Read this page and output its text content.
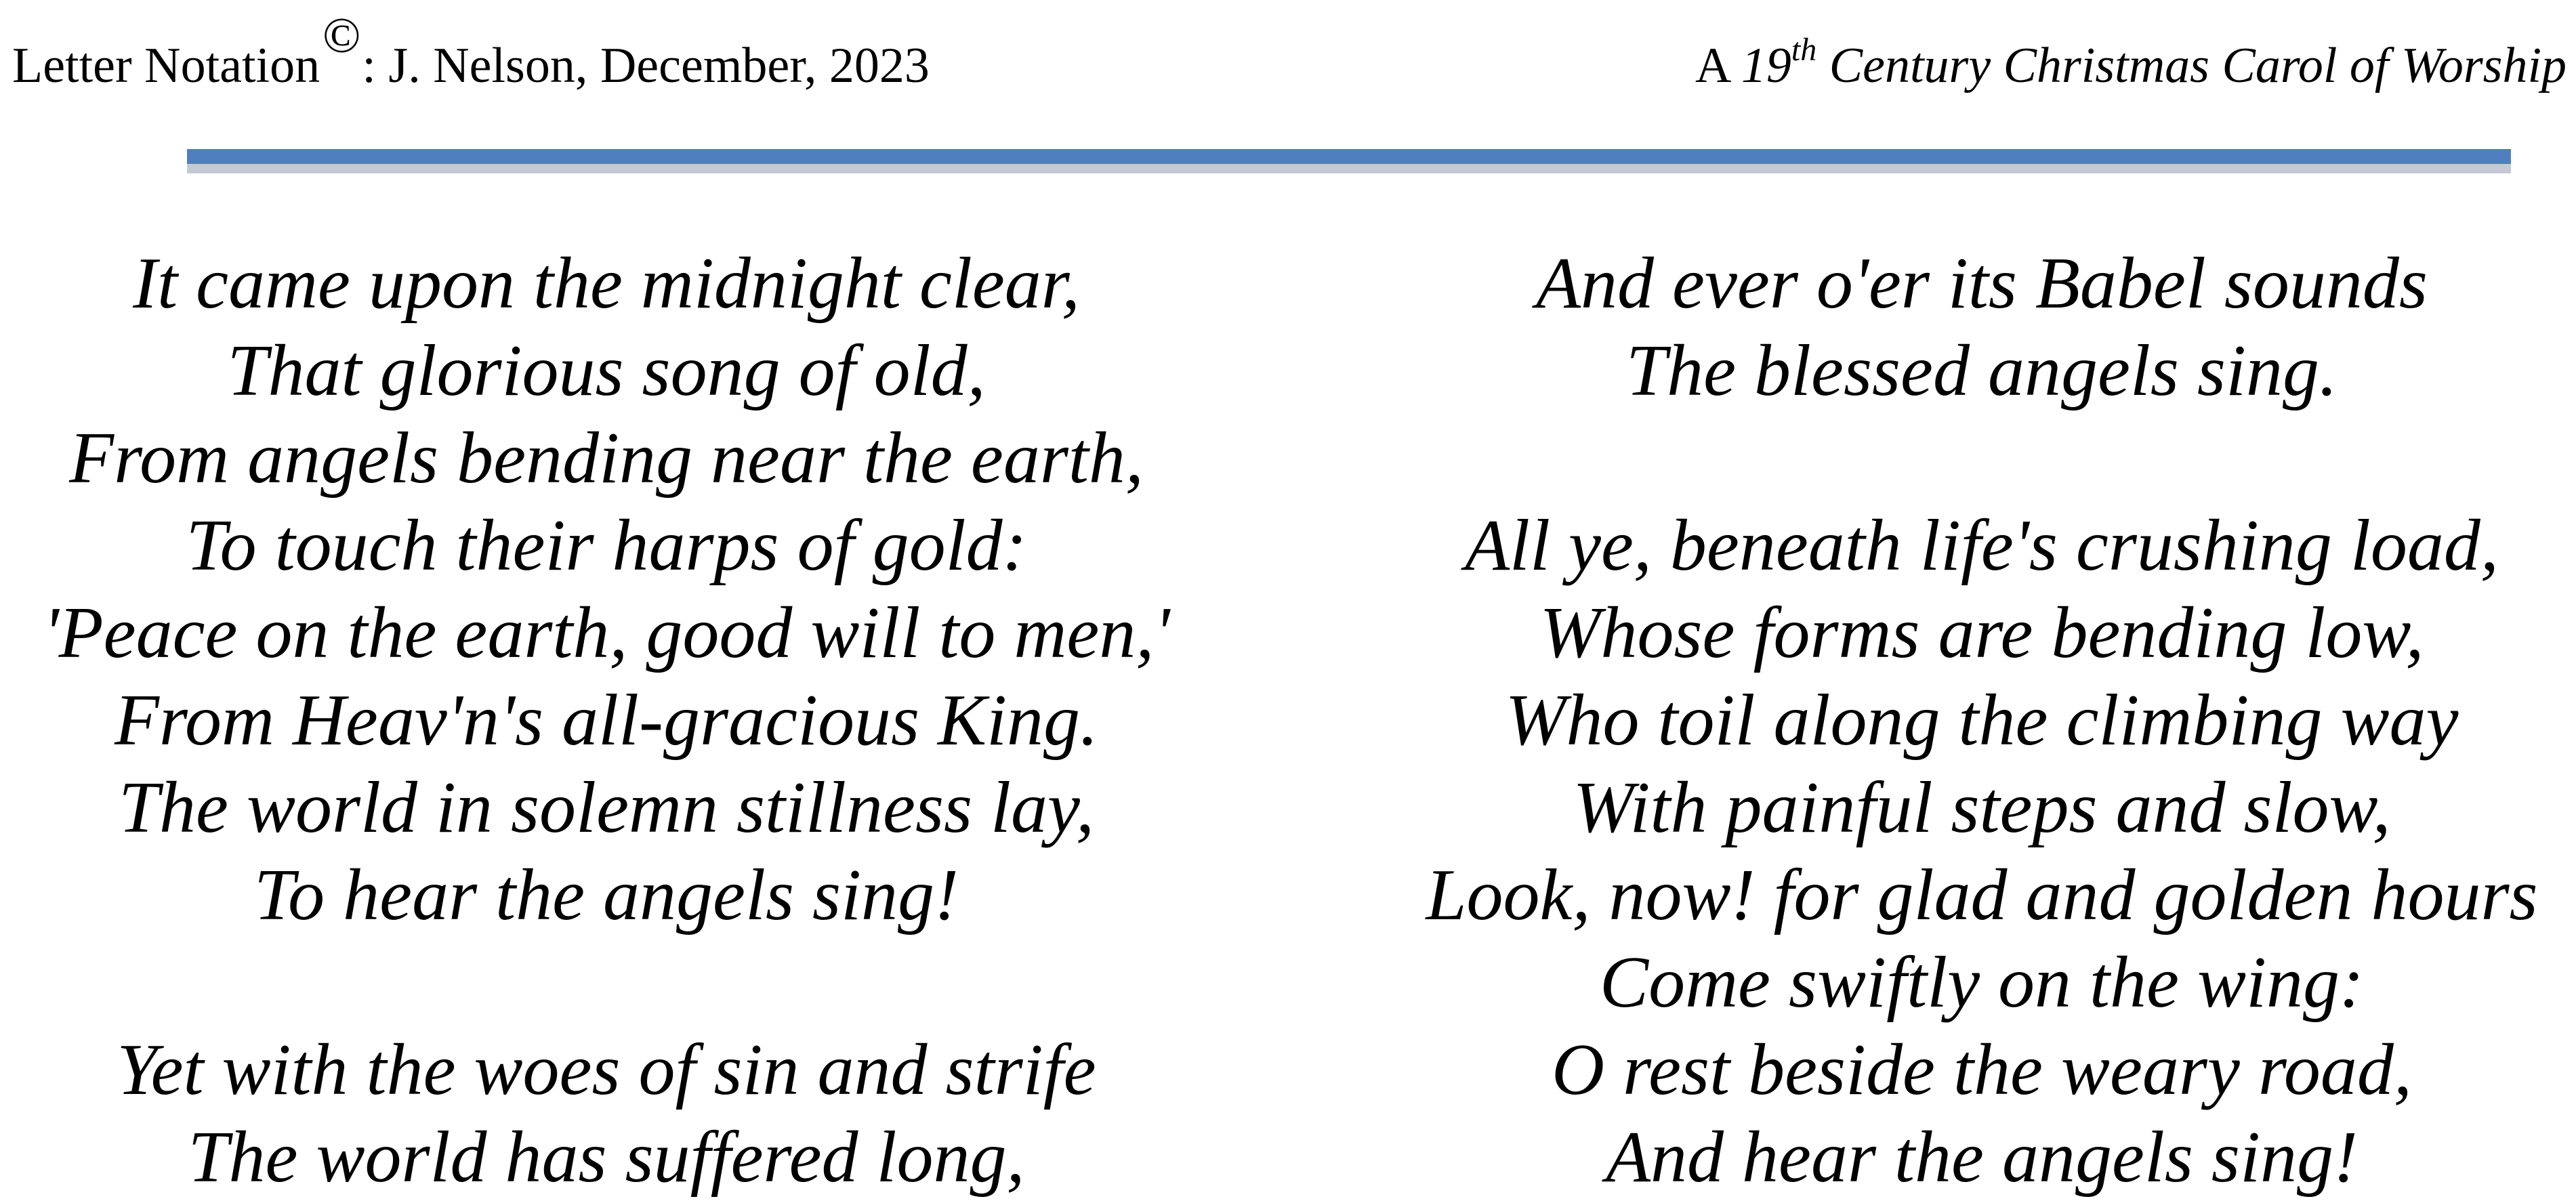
Letter Notation©: J. Nelson, December, 2023	A 19th Century Christmas Carol of Worship
It came upon the midnight clear,
That glorious song of old,
From angels bending near the earth,
To touch their harps of gold:
'Peace on the earth, good will to men,'
From Heav'n's all-gracious King.
The world in solemn stillness lay,
To hear the angels sing!
Yet with the woes of sin and strife
The world has suffered long,
And ever o'er its Babel sounds
The blessed angels sing.
All ye, beneath life's crushing load,
Whose forms are bending low,
Who toil along the climbing way
With painful steps and slow,
Look, now! for glad and golden hours
Come swiftly on the wing:
O rest beside the weary road,
And hear the angels sing!
